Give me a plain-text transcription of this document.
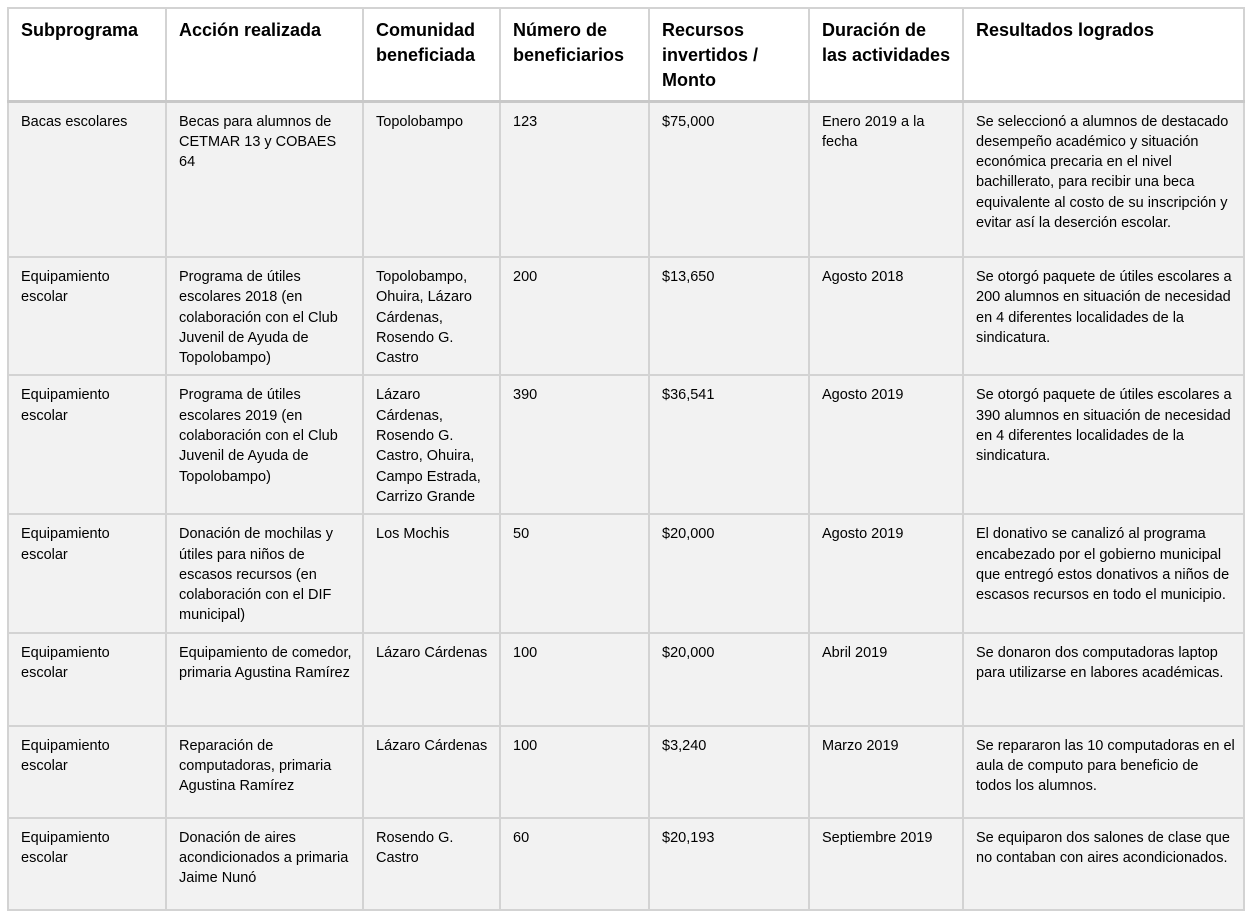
Subprograma	Acción realizada	Comunidad beneficiada	Número de beneficiarios	Recursos invertidos / Monto	Duración de las actividades	Resultados logrados
Bacas escolares	Becas para alumnos de CETMAR 13 y COBAES 64	Topolobampo	123	$75,000	Enero 2019 a la fecha	Se seleccionó a alumnos de destacado desempeño académico y situación económica precaria en el nivel bachillerato, para recibir una beca equivalente al costo de su inscripción y evitar así la deserción escolar.
Equipamiento escolar	Programa de útiles escolares 2018 (en colaboración con el Club Juvenil de Ayuda de Topolobampo)	Topolobampo, Ohuira, Lázaro Cárdenas, Rosendo G. Castro	200	$13,650	Agosto 2018	Se otorgó paquete de útiles escolares a 200 alumnos en situación de necesidad en 4 diferentes localidades de la sindicatura.
Equipamiento escolar	Programa de útiles escolares 2019 (en colaboración con el Club Juvenil de Ayuda de Topolobampo)	Lázaro Cárdenas, Rosendo G. Castro, Ohuira, Campo Estrada, Carrizo Grande	390	$36,541	Agosto 2019	Se otorgó paquete de útiles escolares a 390 alumnos en situación de necesidad en 4 diferentes localidades de la sindicatura.
Equipamiento escolar	Donación de mochilas y útiles para niños de escasos recursos (en colaboración con el DIF municipal)	Los Mochis	50	$20,000	Agosto 2019	El donativo se canalizó al programa encabezado por el gobierno municipal que entregó estos donativos a niños de escasos recursos en todo el municipio.
Equipamiento escolar	Equipamiento de comedor, primaria Agustina Ramírez	Lázaro Cárdenas	100	$20,000	Abril 2019	Se donaron dos computadoras laptop para utilizarse en labores académicas.
Equipamiento escolar	Reparación de computadoras, primaria Agustina Ramírez	Lázaro Cárdenas	100	$3,240	Marzo 2019	Se repararon las 10 computadoras en el aula de computo para beneficio de todos los alumnos.
Equipamiento escolar	Donación de aires acondicionados a primaria Jaime Nunó	Rosendo G. Castro	60	$20,193	Septiembre 2019	Se equiparon dos salones de clase que no contaban con aires acondicionados.
